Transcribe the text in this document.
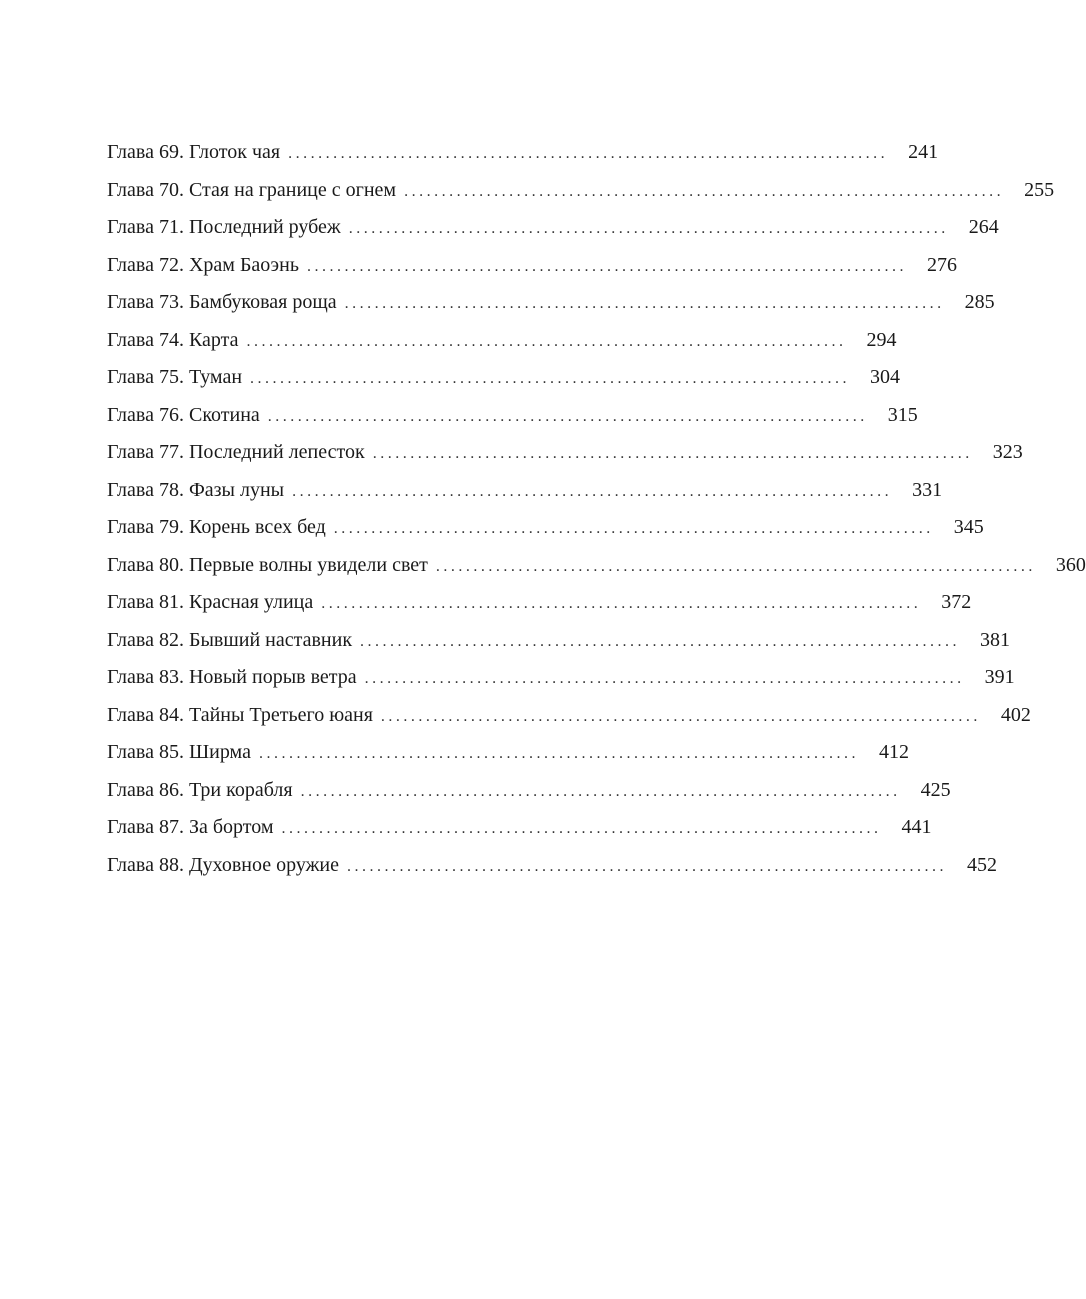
Глава 69. Глоток чая ................................................................................	241
Глава 70. Стая на границе с огнем ................................................................................	255
Глава 71. Последний рубеж ................................................................................	264
Глава 72. Храм Баоэнь ................................................................................	276
Глава 73. Бамбуковая роща ................................................................................	285
Глава 74. Карта ................................................................................	294
Глава 75. Туман ................................................................................	304
Глава 76. Скотина ................................................................................	315
Глава 77. Последний лепесток ................................................................................	323
Глава 78. Фазы луны ................................................................................	331
Глава 79. Корень всех бед ................................................................................	345
Глава 80. Первые волны увидели свет ................................................................................	360
Глава 81. Красная улица ................................................................................	372
Глава 82. Бывший наставник ................................................................................	381
Глава 83. Новый порыв ветра ................................................................................	391
Глава 84. Тайны Третьего юаня ................................................................................	402
Глава 85. Ширма ................................................................................	412
Глава 86. Три корабля ................................................................................	425
Глава 87. За бортом ................................................................................	441
Глава 88. Духовное оружие ................................................................................	452
